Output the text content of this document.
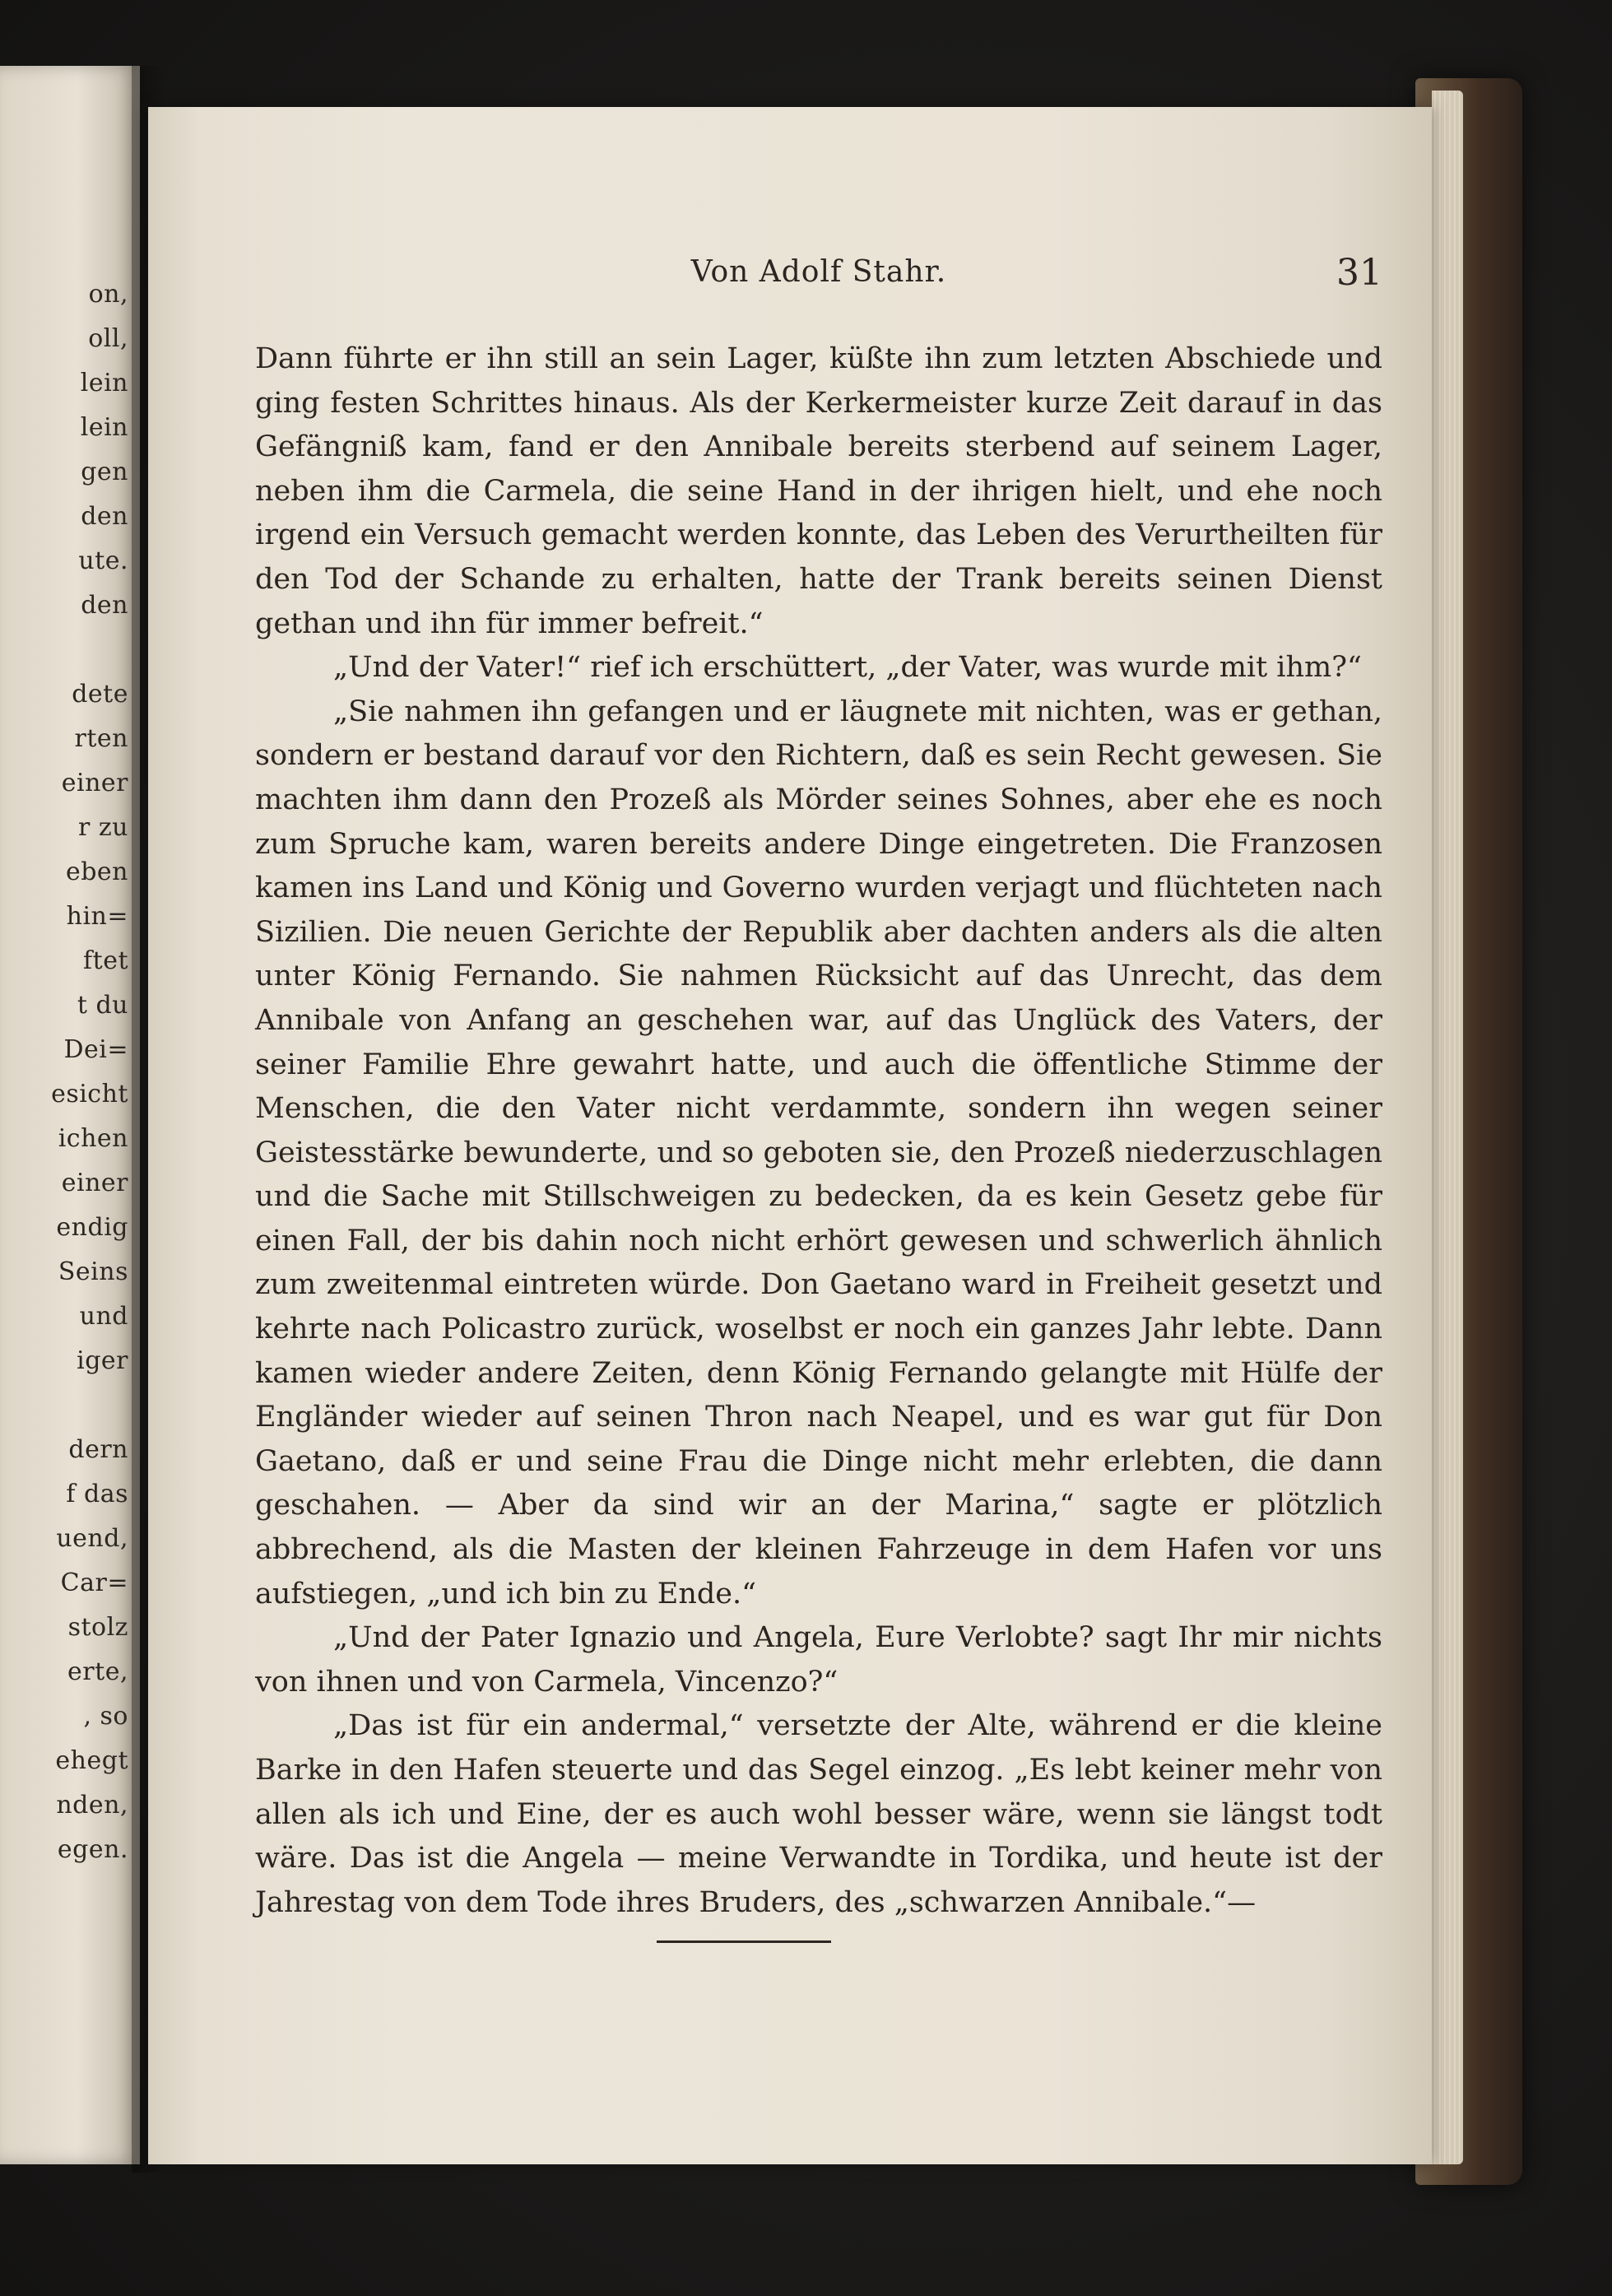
on,
oll,
lein
lein
gen
den
ute.
den
dete
rten
einer
r zu
eben
hin=
ftet
t du
Dei=
esicht
ichen
einer
endig
Seins
und
iger
dern
f das
uend,
Car=
stolz
erte,
, so
ehegt
nden,
egen.
Von Adolf Stahr.	31

Dann führte er ihn still an sein Lager, küßte ihn zum letzten Abschiede und ging festen Schrittes hinaus. Als der Kerkermeister kurze Zeit darauf in das Gefängniß kam, fand er den Annibale bereits sterbend auf seinem Lager, neben ihm die Carmela, die seine Hand in der ihrigen hielt, und ehe noch irgend ein Versuch gemacht werden konnte, das Leben des Verurtheilten für den Tod der Schande zu erhalten, hatte der Trank bereits seinen Dienst gethan und ihn für immer befreit.“

„Und der Vater!“ rief ich erschüttert, „der Vater, was wurde mit ihm?“

„Sie nahmen ihn gefangen und er läugnete mit nichten, was er gethan, sondern er bestand darauf vor den Richtern, daß es sein Recht gewesen. Sie machten ihm dann den Prozeß als Mörder seines Sohnes, aber ehe es noch zum Spruche kam, waren bereits andere Dinge eingetreten. Die Franzosen kamen ins Land und König und Governo wurden verjagt und flüchteten nach Sizilien. Die neuen Gerichte der Republik aber dachten anders als die alten unter König Fernando. Sie nahmen Rücksicht auf das Unrecht, das dem Annibale von Anfang an geschehen war, auf das Unglück des Vaters, der seiner Familie Ehre gewahrt hatte, und auch die öffentliche Stimme der Menschen, die den Vater nicht verdammte, sondern ihn wegen seiner Geistesstärke bewunderte, und so geboten sie, den Prozeß niederzuschlagen und die Sache mit Stillschweigen zu bedecken, da es kein Gesetz gebe für einen Fall, der bis dahin noch nicht erhört gewesen und schwerlich ähnlich zum zweitenmal eintreten würde. Don Gaetano ward in Freiheit gesetzt und kehrte nach Policastro zurück, woselbst er noch ein ganzes Jahr lebte. Dann kamen wieder andere Zeiten, denn König Fernando gelangte mit Hülfe der Engländer wieder auf seinen Thron nach Neapel, und es war gut für Don Gaetano, daß er und seine Frau die Dinge nicht mehr erlebten, die dann geschahen. — Aber da sind wir an der Marina,“ sagte er plötzlich abbrechend, als die Masten der kleinen Fahrzeuge in dem Hafen vor uns aufstiegen, „und ich bin zu Ende.“

„Und der Pater Ignazio und Angela, Eure Verlobte? sagt Ihr mir nichts von ihnen und von Carmela, Vincenzo?“

„Das ist für ein andermal,“ versetzte der Alte, während er die kleine Barke in den Hafen steuerte und das Segel einzog. „Es lebt keiner mehr von allen als ich und Eine, der es auch wohl besser wäre, wenn sie längst todt wäre. Das ist die Angela — meine Verwandte in Tordika, und heute ist der Jahrestag von dem Tode ihres Bruders, des „schwarzen Annibale.“—
